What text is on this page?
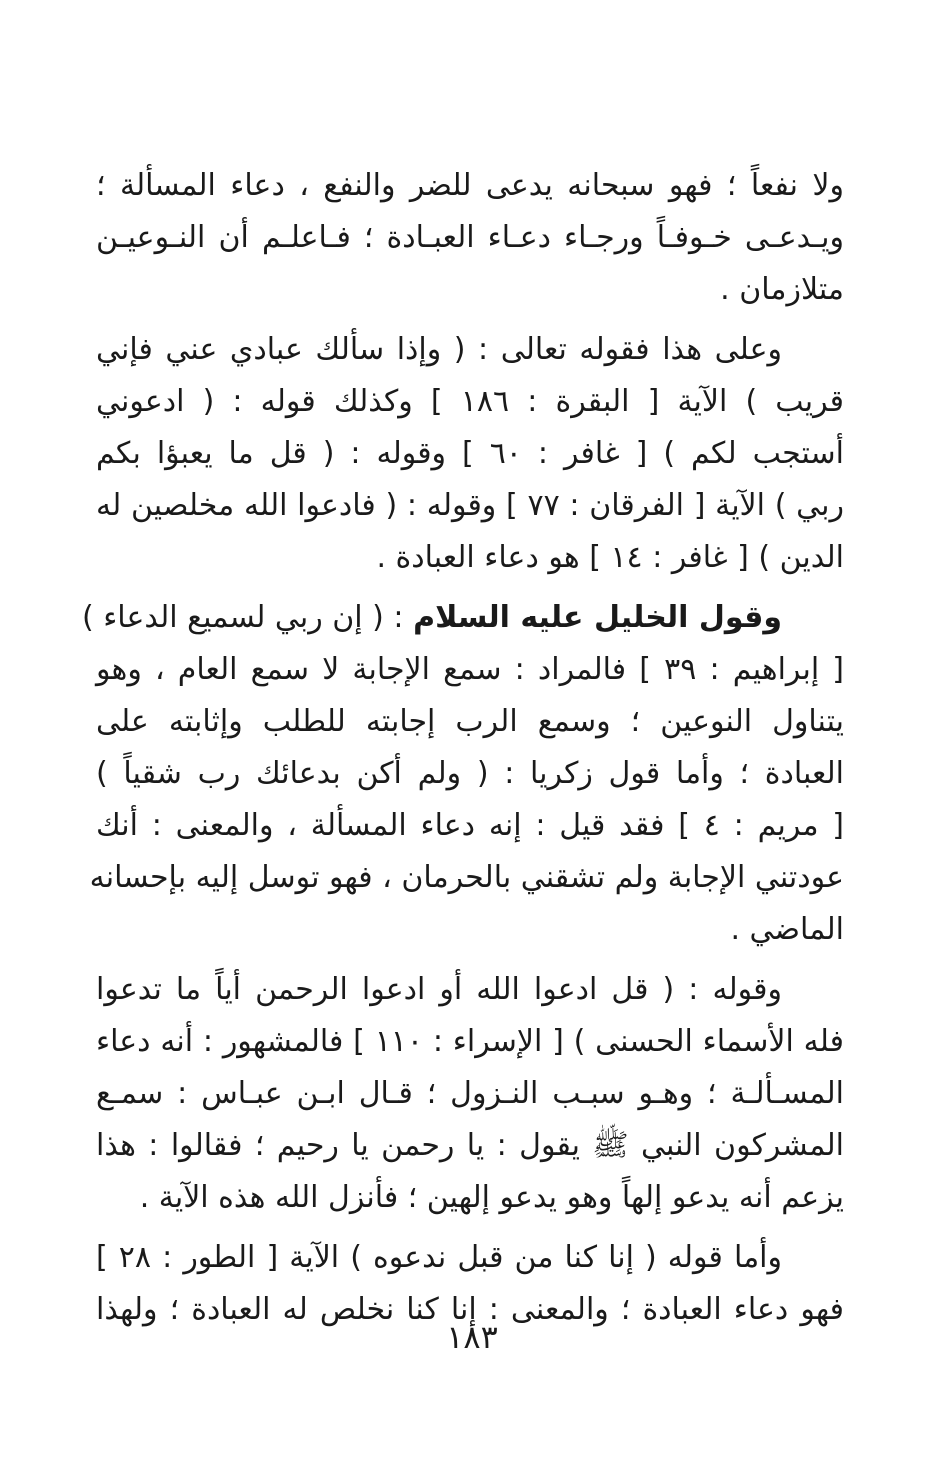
ولا نفعاً ؛ فهو سبحانه يدعى للضر والنفع ، دعاء المسألة ؛
ويـدعـى خـوفـاً ورجـاء دعـاء العبـادة ؛ فـاعلـم أن النـوعيـن
متلازمان .
وعلى هذا فقوله تعالى : ( وإذا سألك عبادي عني فإني
قريب ) الآية [ البقرة : ١٨٦ ] وكذلك قوله : ( ادعوني
أستجب لكم ) [ غافر : ٦٠ ] وقوله : ( قل ما يعبؤا بكم
ربي ) الآية [ الفرقان : ٧٧ ] وقوله : ( فادعوا الله مخلصين له
الدين ) [ غافر : ١٤ ] هو دعاء العبادة .
وقول الخليل عليه السلام : ( إن ربي لسميع الدعاء )
[ إبراهيم : ٣٩ ] فالمراد : سمع الإجابة لا سمع العام ، وهو
يتناول النوعين ؛ وسمع الرب إجابته للطلب وإثابته على
العبادة ؛ وأما قول زكريا : ( ولم أكن بدعائك رب شقياً )
[ مريم : ٤ ] فقد قيل : إنه دعاء المسألة ، والمعنى : أنك
عودتني الإجابة ولم تشقني بالحرمان ، فهو توسل إليه بإحسانه
الماضي .
وقوله : ( قل ادعوا الله أو ادعوا الرحمن أياً ما تدعوا
فله الأسماء الحسنى ) [ الإسراء : ١١٠ ] فالمشهور : أنه دعاء
المسـألـة ؛ وهـو سبـب النـزول ؛ قـال ابـن عبـاس : سمـع
المشركون النبي ﷺ يقول : يا رحمن يا رحيم ؛ فقالوا : هذا
يزعم أنه يدعو إلهاً وهو يدعو إلهين ؛ فأنزل الله هذه الآية .
وأما قوله ( إنا كنا من قبل ندعوه ) الآية [ الطور : ٢٨ ]
فهو دعاء العبادة ؛ والمعنى : إنا كنا نخلص له العبادة ؛ ولهذا
١٨٣
